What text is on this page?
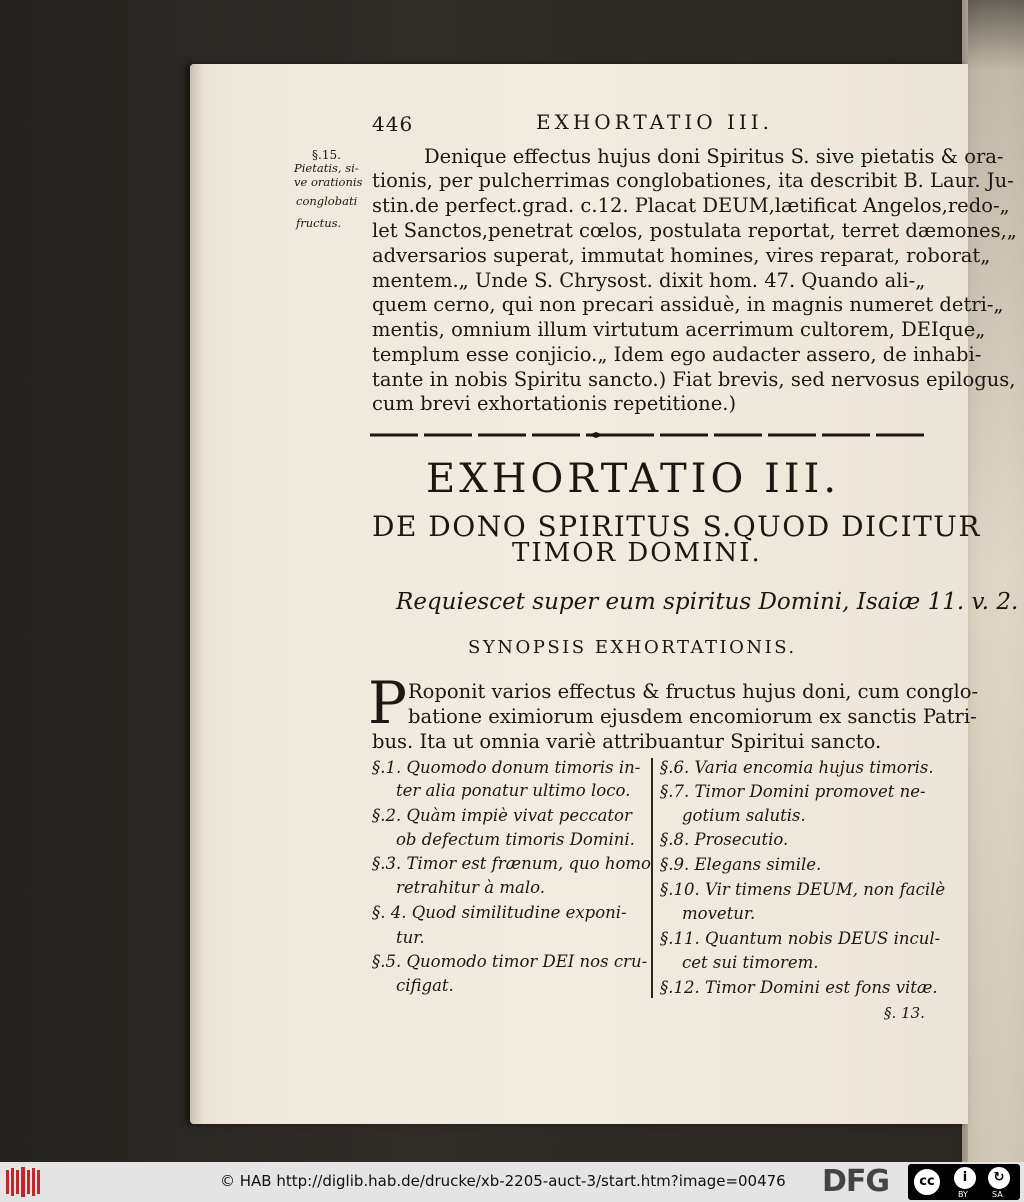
446	EXHORTATIO III.
§.15.
Pietatis, si-
ve orationis
conglobati
fructus.
Denique effectus hujus doni Spiritus S. sive pietatis & ora-
tionis, per pulcherrimas conglobationes, ita describit B. Laur. Ju-
stin.de perfect.grad. c.12. Placat DEUM,lætificat Angelos,redo-„
let Sanctos,penetrat cœlos, postulata reportat, terret dæmones,„
adversarios superat, immutat homines, vires reparat, roborat„
mentem.„ Unde S. Chrysost. dixit hom. 47. Quando ali-„
quem cerno, qui non precari assiduè, in magnis numeret detri-„
mentis, omnium illum virtutum acerrimum cultorem, DEIque„
templum esse conjicio.„ Idem ego audacter assero, de inhabi-
tante in nobis Spiritu sancto.) Fiat brevis, sed nervosus epilogus,
cum brevi exhortationis repetitione.)
EXHORTATIO III.
DE DONO SPIRITUS S.QUOD DICITUR
TIMOR DOMINI.
Requiescet super eum spiritus Domini, Isaiæ 11. v. 2.
SYNOPSIS EXHORTATIONIS.
P Roponit varios effectus & fructus hujus doni, cum conglo-
batione eximiorum ejusdem encomiorum ex sanctis Patri-
bus. Ita ut omnia variè attribuantur Spiritui sancto.
§.1. Quomodo donum timoris in-
ter alia ponatur ultimo loco.
§.2. Quàm impiè vivat peccator
ob defectum timoris Domini.
§.3. Timor est frænum, quo homo
retrahitur à malo.
§. 4. Quod similitudine exponi-
tur.
§.5. Quomodo timor DEI nos cru-
cifigat.
§.6. Varia encomia hujus timoris.
§.7. Timor Domini promovet ne-
gotium salutis.
§.8. Prosecutio.
§.9. Elegans simile.
§.10. Vir timens DEUM, non facilè
movetur.
§.11. Quantum nobis DEUS incul-
cet sui timorem.
§.12. Timor Domini est fons vitæ.
§. 13.
© HAB http://diglib.hab.de/drucke/xb-2205-auct-3/start.htm?image=00476 DFG	cc	i	↻
BY	SA
